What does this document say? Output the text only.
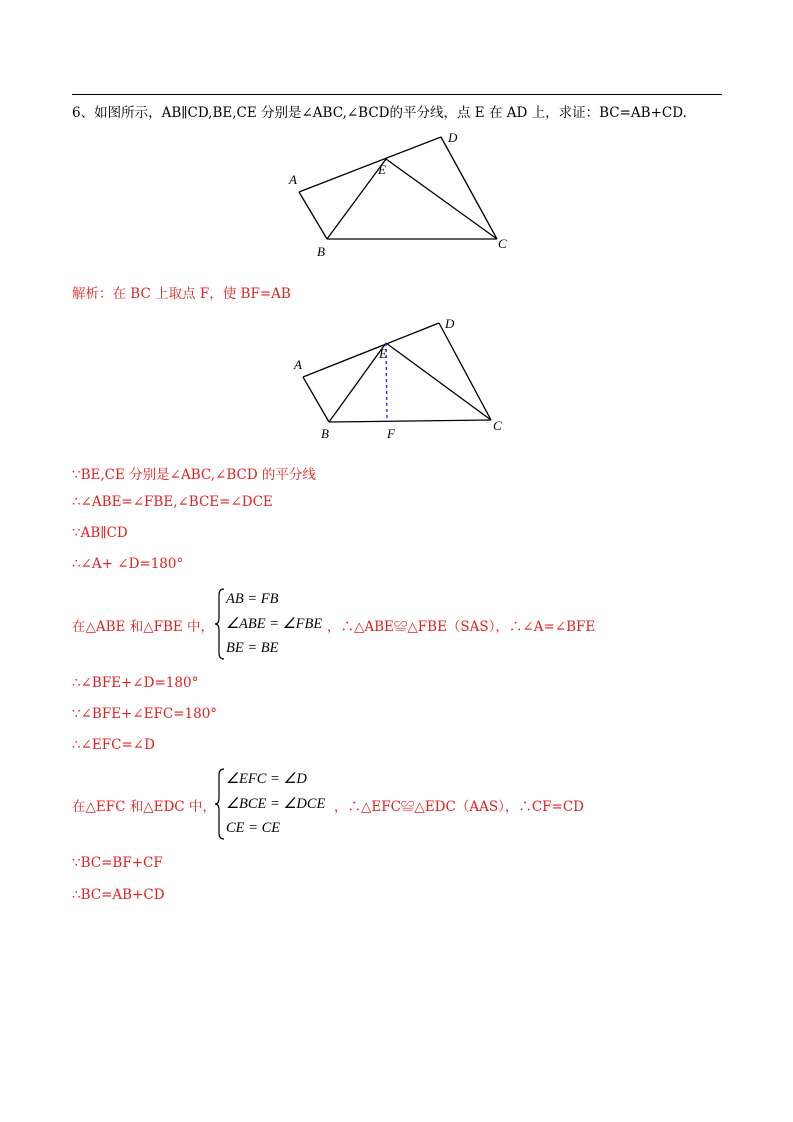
6、如图所示，AB∥CD,BE,CE 分别是∠ABC,∠BCD的平分线，点 E 在 AD 上，求证：BC=AB+CD.
A
B
C
D
E
解析：在 BC 上取点 F，使 BF=AB
A
B
C
D
E
F
∵BE,CE 分别是∠ABC,∠BCD 的平分线
∴∠ABE=∠FBE,∠BCE=∠DCE
∵AB∥CD
∴∠A+ ∠D=180°
在△ABE 和△FBE 中，
AB = FB
∠ABE = ∠FBE
BE = BE
，∴△ABE≌△FBE（SAS），∴∠A=∠BFE
∴∠BFE+∠D=180°
∵∠BFE+∠EFC=180°
∴∠EFC=∠D
在△EFC 和△EDC 中，
∠EFC = ∠D
∠BCE = ∠DCE
CE = CE
，∴△EFC≌△EDC（AAS），∴CF=CD
∵BC=BF+CF
∴BC=AB+CD
